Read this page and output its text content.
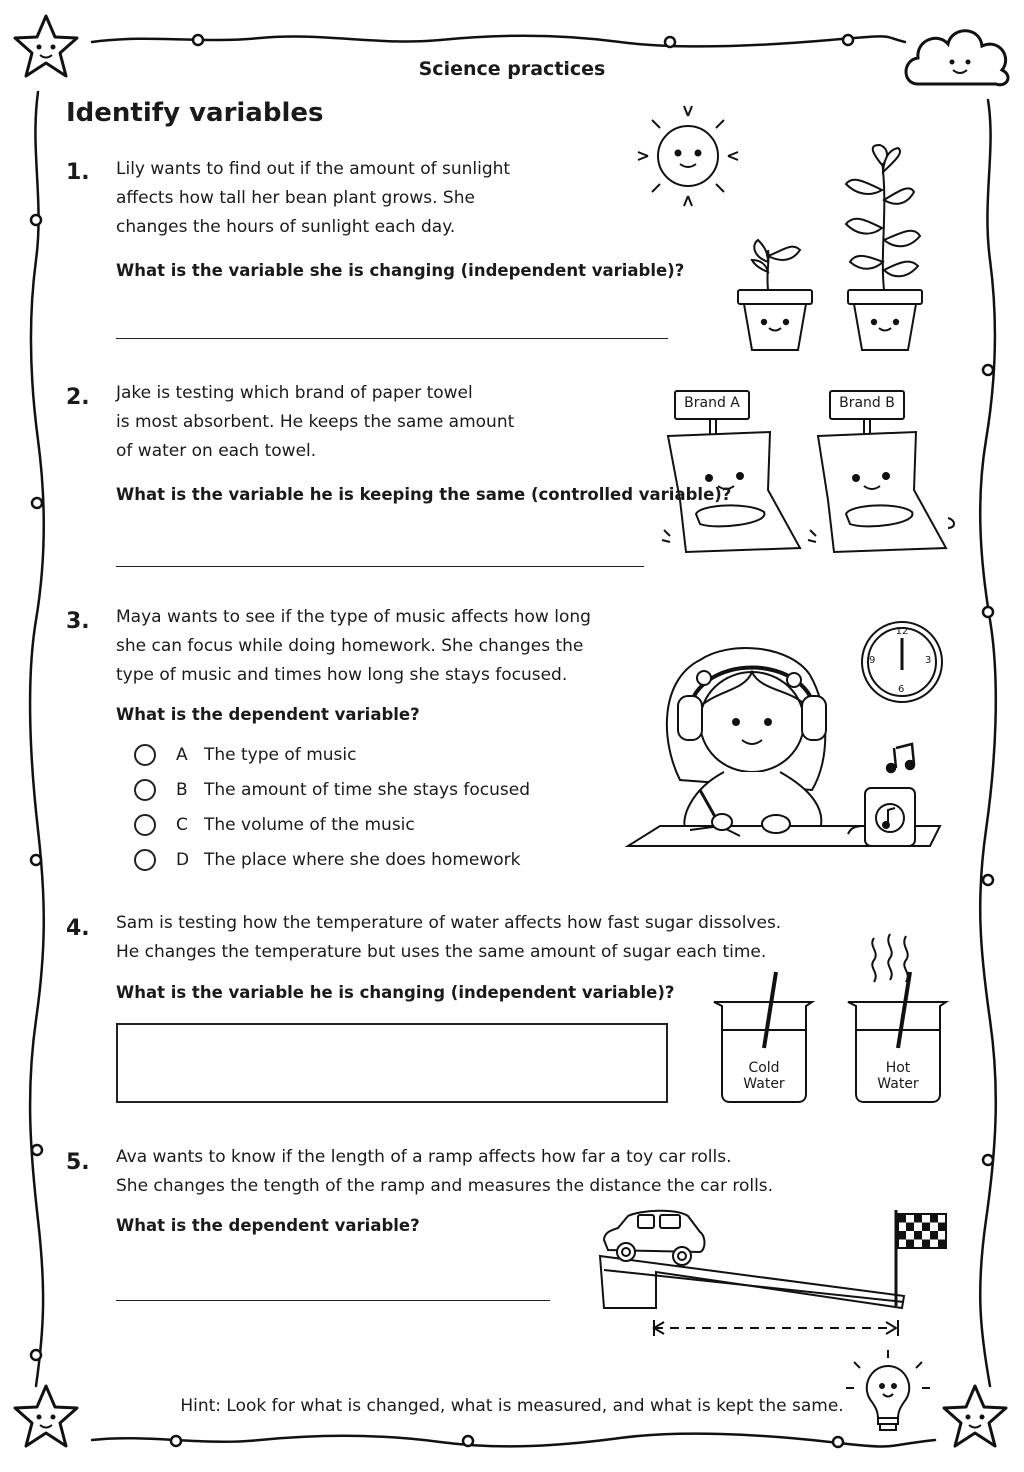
Science practices
Identify variables
1. Lily wants to find out if the amount of sunlight
affects how tall her bean plant grows. She
changes the hours of sunlight each day.
What is the variable she is changing (independent variable)?
2. Jake is testing which brand of paper towel
is most absorbent. He keeps the same amount
of water on each towel.
What is the variable he is keeping the same (controlled variable)?
Brand A	Brand B
3. Maya wants to see if the type of music affects how long
she can focus while doing homework. She changes the
type of music and times how long she stays focused.
What is the dependent variable?
A The type of music
B The amount of time she stays focused
C The volume of the music
D The place where she does homework
12
3
6
9
4. Sam is testing how the temperature of water affects how fast sugar dissolves.
He changes the temperature but uses the same amount of sugar each time.
What is the variable he is changing (independent variable)?
Cold
Water
Hot
Water
5. Ava wants to know if the length of a ramp affects how far a toy car rolls.
She changes the tength of the ramp and measures the distance the car rolls.
What is the dependent variable?
Hint: Look for what is changed, what is measured, and what is kept the same.
